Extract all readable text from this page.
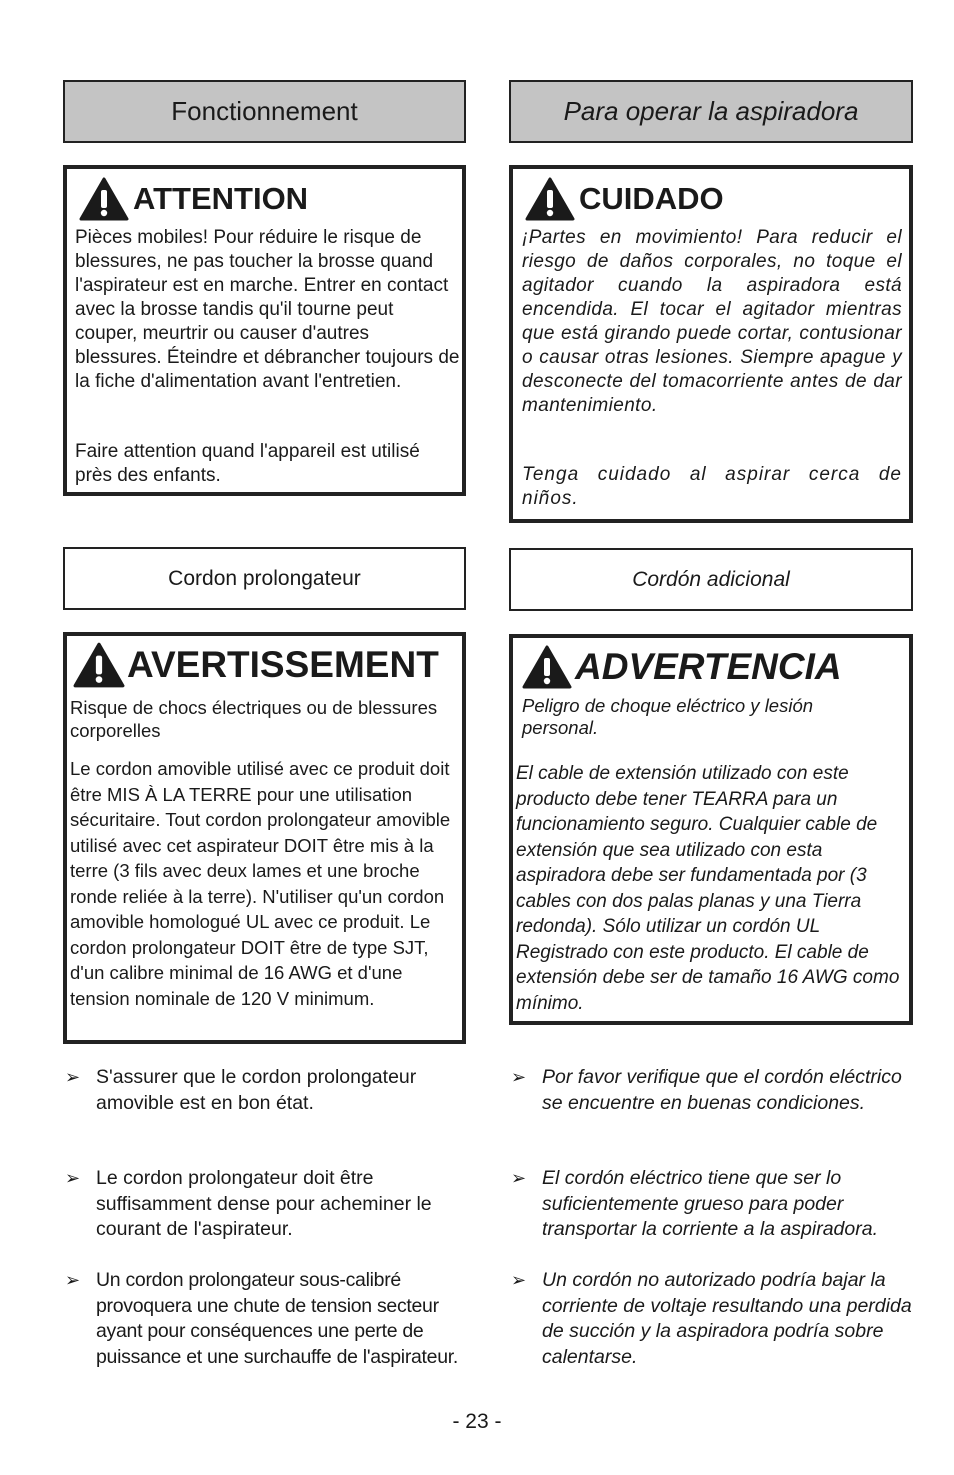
Fonctionnement
ATTENTION

Pièces mobiles! Pour réduire le risque de blessures, ne pas toucher la brosse quand l'aspirateur est en marche. Entrer en contact avec la brosse tandis qu'il tourne peut couper, meurtrir ou causer d'autres blessures. Éteindre et débrancher toujours de la fiche d'alimentation avant l'entretien.

Faire attention quand l'appareil est utilisé près des enfants.

Cordon prolongateur
AVERTISSEMENT

Risque de chocs électriques ou de blessures corporelles

Le cordon amovible utilisé avec ce produit doit être MIS À LA TERRE pour une utilisation sécuritaire. Tout cordon prolongateur amovible utilisé avec cet aspirateur DOIT être mis à la terre (3 fils avec deux lames et une broche ronde reliée à la terre). N'utiliser qu'un cordon amovible homologué UL avec ce produit. Le cordon prolongateur DOIT être de type SJT, d'un calibre minimal de 16 AWG et d'une tension nominale de 120 V minimum.

➢ S'assurer que le cordon prolongateur amovible est en bon état.
➢ Le cordon prolongateur doit être suffisamment dense pour acheminer le courant de l'aspirateur.
➢ Un cordon prolongateur sous-calibré provoquera une chute de tension secteur ayant pour conséquences une perte de puissance et une surchauffe de l'aspirateur.
Para operar la aspiradora
CUIDADO

¡Partes en movimiento! Para reducir el riesgo de daños corporales, no toque el agitador cuando la aspiradora está encendida. El tocar el agitador mientras que está girando puede cortar, contusionar o causar otras lesiones. Siempre apague y desconecte del tomacorriente antes de dar mantenimiento.

Tenga cuidado al aspirar cerca de niños.

Cordón adicional
ADVERTENCIA

Peligro de choque eléctrico y lesión personal.

El cable de extensión utilizado con este producto debe tener TEARRA para un funcionamiento seguro. Cualquier cable de extensión que sea utilizado con esta aspiradora debe ser fundamentada por (3 cables con dos palas planas y una Tierra redonda). Sólo utilizar un cordón UL Registrado con este producto. El cable de extensión debe ser de tamaño 16 AWG como mínimo.

➢ Por favor verifique que el cordón eléctrico se encuentre en buenas condiciones.
➢ El cordón eléctrico tiene que ser lo suficientemente grueso para poder transportar la corriente a la aspiradora.
➢ Un cordón no autorizado podría bajar la corriente de voltaje resultando una perdida de succión y la aspiradora podría sobre calentarse.
- 23 -
